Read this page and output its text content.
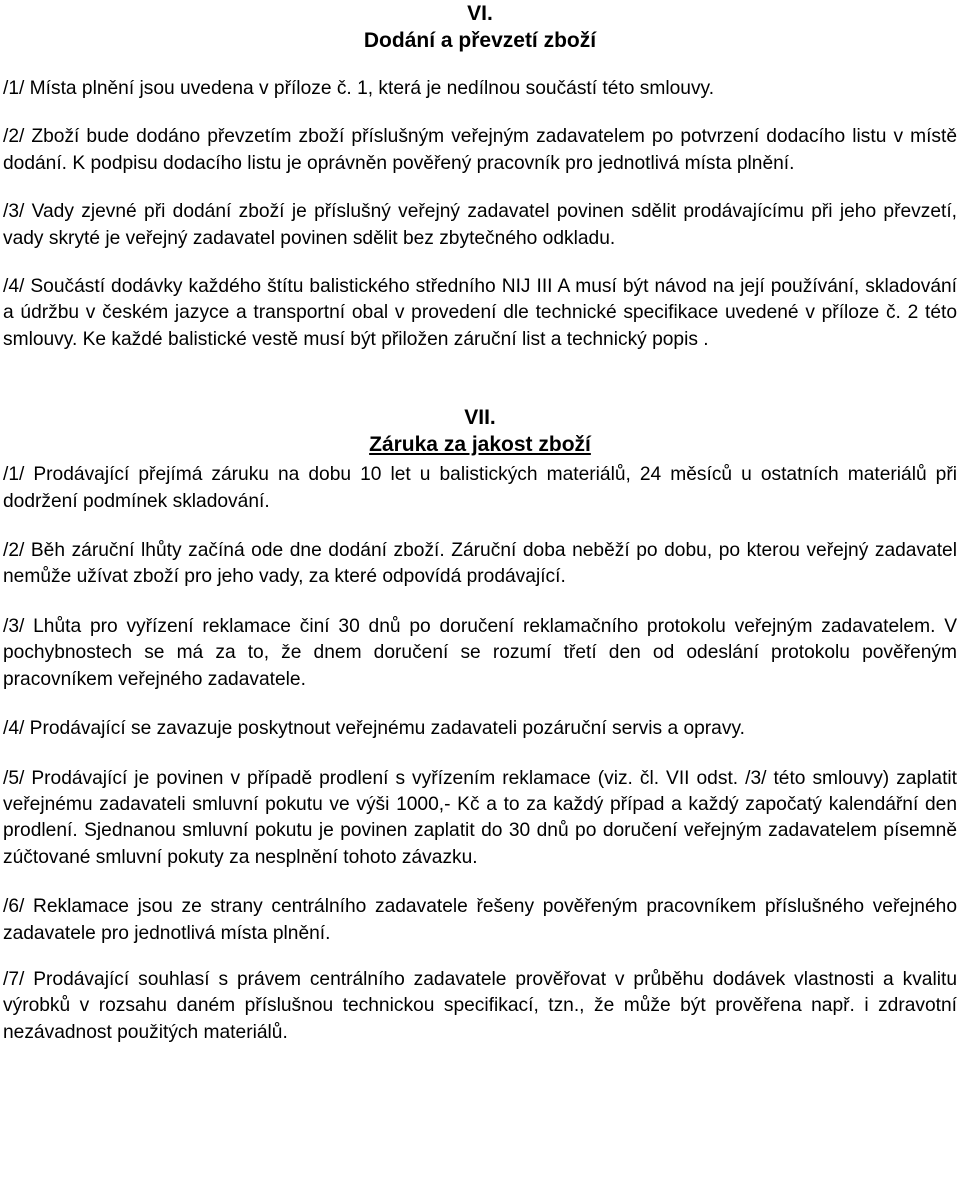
VI.
Dodání a převzetí zboží

/1/ Místa plnění jsou uvedena v příloze č. 1, která je nedílnou součástí této smlouvy.

/2/ Zboží bude dodáno převzetím zboží příslušným veřejným zadavatelem po potvrzení dodacího listu v místě dodání. K podpisu dodacího listu je oprávněn pověřený pracovník pro jednotlivá místa plnění.

/3/ Vady zjevné při dodání zboží je příslušný veřejný zadavatel povinen sdělit prodávajícímu při jeho převzetí, vady skryté je veřejný zadavatel povinen sdělit bez zbytečného odkladu.

/4/ Součástí dodávky každého štítu balistického středního NIJ III A musí být návod na její používání, skladování a údržbu v českém jazyce a transportní obal v provedení dle technické specifikace uvedené v příloze č. 2 této smlouvy. Ke každé balistické vestě musí být přiložen záruční list a technický popis .

VII.
Záruka za jakost zboží

/1/ Prodávající přejímá záruku na dobu 10 let u balistických materiálů, 24 měsíců u ostatních materiálů při dodržení podmínek skladování.

/2/ Běh záruční lhůty začíná ode dne dodání zboží. Záruční doba neběží po dobu, po kterou veřejný zadavatel nemůže užívat zboží pro jeho vady, za které odpovídá prodávající.

/3/ Lhůta pro vyřízení reklamace činí 30 dnů po doručení reklamačního protokolu veřejným zadavatelem. V pochybnostech se má za to, že dnem doručení se rozumí třetí den od odeslání protokolu pověřeným pracovníkem veřejného zadavatele.

/4/ Prodávající se zavazuje poskytnout veřejnému zadavateli pozáruční servis a opravy.

/5/ Prodávající je povinen v případě prodlení s vyřízením reklamace (viz. čl. VII odst. /3/ této smlouvy) zaplatit veřejnému zadavateli smluvní pokutu ve výši 1000,- Kč a to za každý případ a každý započatý kalendářní den prodlení. Sjednanou smluvní pokutu je povinen zaplatit do 30 dnů po doručení veřejným zadavatelem písemně zúčtované smluvní pokuty za nesplnění tohoto závazku.

/6/ Reklamace jsou ze strany centrálního zadavatele řešeny pověřeným pracovníkem příslušného veřejného zadavatele pro jednotlivá místa plnění.

/7/ Prodávající souhlasí s právem centrálního zadavatele prověřovat v průběhu dodávek vlastnosti a kvalitu výrobků v rozsahu daném příslušnou technickou specifikací, tzn., že může být prověřena např. i zdravotní nezávadnost použitých materiálů.
